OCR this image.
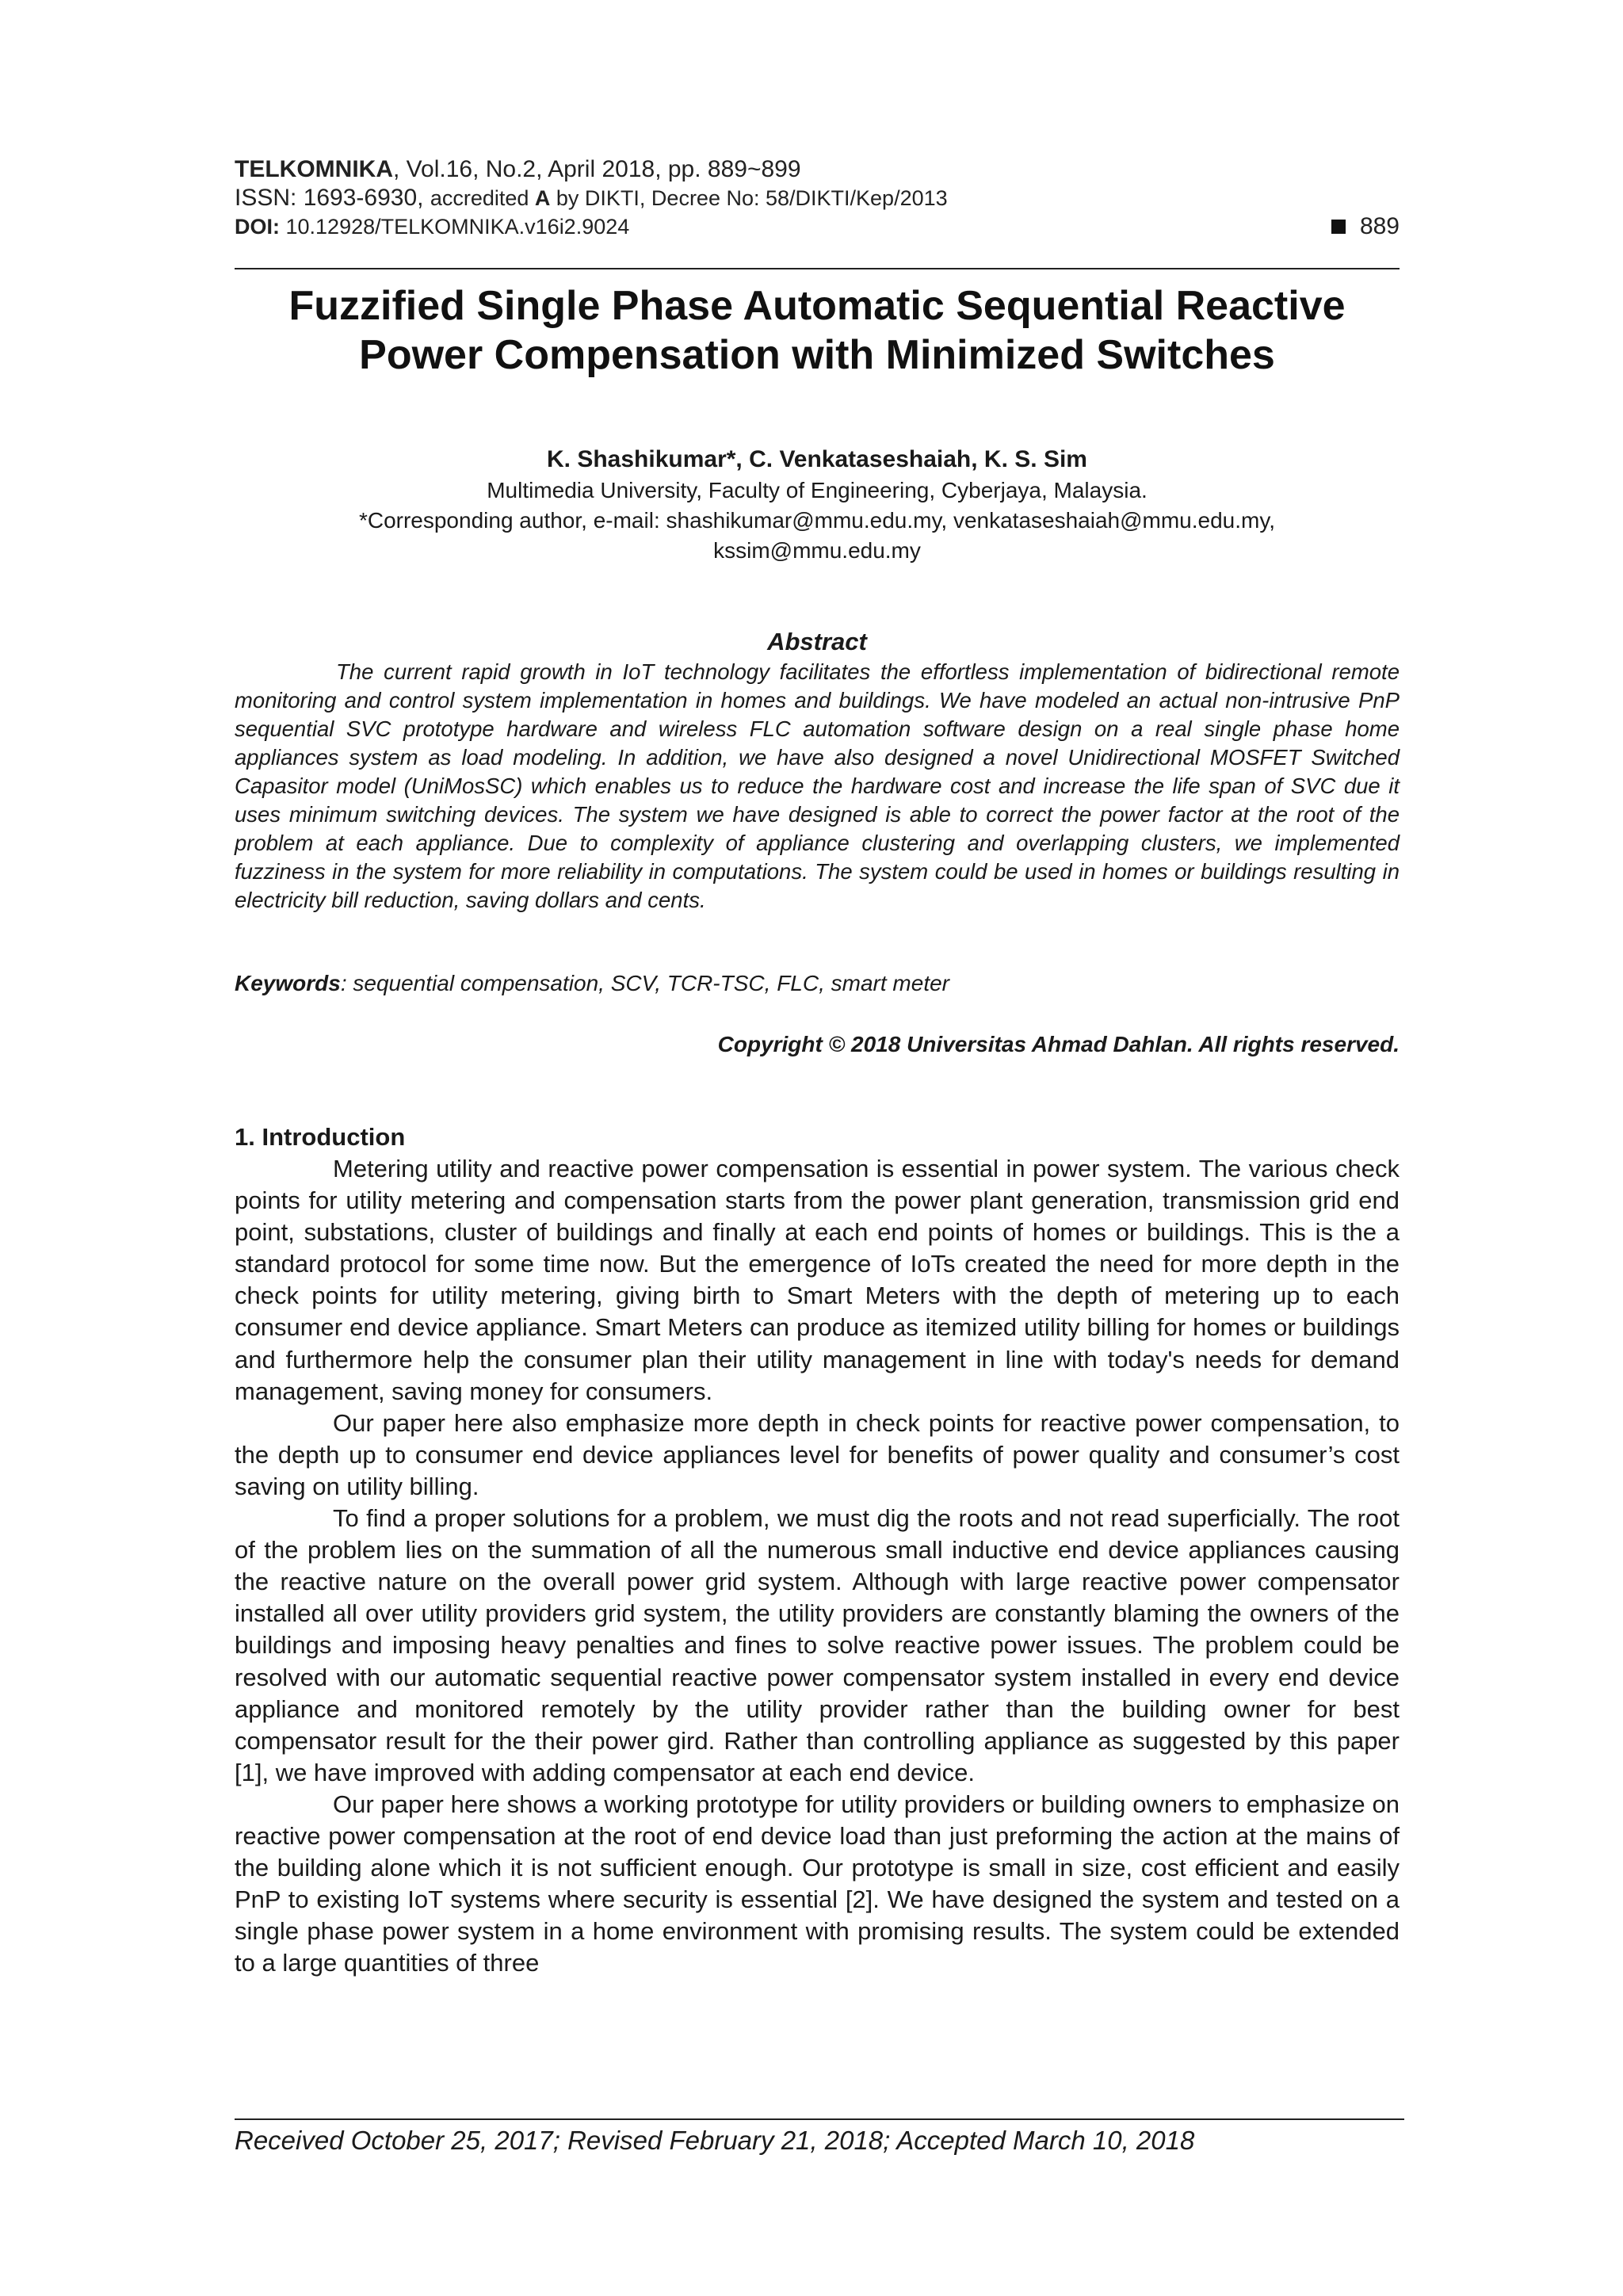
TELKOMNIKA, Vol.16, No.2, April 2018, pp. 889~899
ISSN: 1693-6930, accredited A by DIKTI, Decree No: 58/DIKTI/Kep/2013
DOI: 10.12928/TELKOMNIKA.v16i2.9024	889
Fuzzified Single Phase Automatic Sequential Reactive
Power Compensation with Minimized Switches
K. Shashikumar*, C. Venkataseshaiah, K. S. Sim
Multimedia University, Faculty of Engineering, Cyberjaya, Malaysia.
*Corresponding author, e-mail: shashikumar@mmu.edu.my, venkataseshaiah@mmu.edu.my,
kssim@mmu.edu.my
Abstract
The current rapid growth in IoT technology facilitates the effortless implementation of bidirectional remote monitoring and control system implementation in homes and buildings. We have modeled an actual non-intrusive PnP sequential SVC prototype hardware and wireless FLC automation software design on a real single phase home appliances system as load modeling. In addition, we have also designed a novel Unidirectional MOSFET Switched Capasitor model (UniMosSC) which enables us to reduce the hardware cost and increase the life span of SVC due it uses minimum switching devices. The system we have designed is able to correct the power factor at the root of the problem at each appliance. Due to complexity of appliance clustering and overlapping clusters, we implemented fuzziness in the system for more reliability in computations. The system could be used in homes or buildings resulting in electricity bill reduction, saving dollars and cents.
Keywords: sequential compensation, SCV, TCR-TSC, FLC, smart meter
Copyright © 2018 Universitas Ahmad Dahlan. All rights reserved.
1. Introduction

Metering utility and reactive power compensation is essential in power system. The various check points for utility metering and compensation starts from the power plant generation, transmission grid end point, substations, cluster of buildings and finally at each end points of homes or buildings. This is the a standard protocol for some time now. But the emergence of IoTs created the need for more depth in the check points for utility metering, giving birth to Smart Meters with the depth of metering up to each consumer end device appliance. Smart Meters can produce as itemized utility billing for homes or buildings and furthermore help the consumer plan their utility management in line with today's needs for demand management, saving money for consumers.

Our paper here also emphasize more depth in check points for reactive power compensation, to the depth up to consumer end device appliances level for benefits of power quality and consumer’s cost saving on utility billing.

To find a proper solutions for a problem, we must dig the roots and not read superficially. The root of the problem lies on the summation of all the numerous small inductive end device appliances causing the reactive nature on the overall power grid system. Although with large reactive power compensator installed all over utility providers grid system, the utility providers are constantly blaming the owners of the buildings and imposing heavy penalties and fines to solve reactive power issues. The problem could be resolved with our automatic sequential reactive power compensator system installed in every end device appliance and monitored remotely by the utility provider rather than the building owner for best compensator result for the their power gird. Rather than controlling appliance as suggested by this paper [1], we have improved with adding compensator at each end device.

Our paper here shows a working prototype for utility providers or building owners to emphasize on reactive power compensation at the root of end device load than just preforming the action at the mains of the building alone which it is not sufficient enough. Our prototype is small in size, cost efficient and easily PnP to existing IoT systems where security is essential [2]. We have designed the system and tested on a single phase power system in a home environment with promising results. The system could be extended to a large quantities of three

Received October 25, 2017; Revised February 21, 2018; Accepted March 10, 2018
